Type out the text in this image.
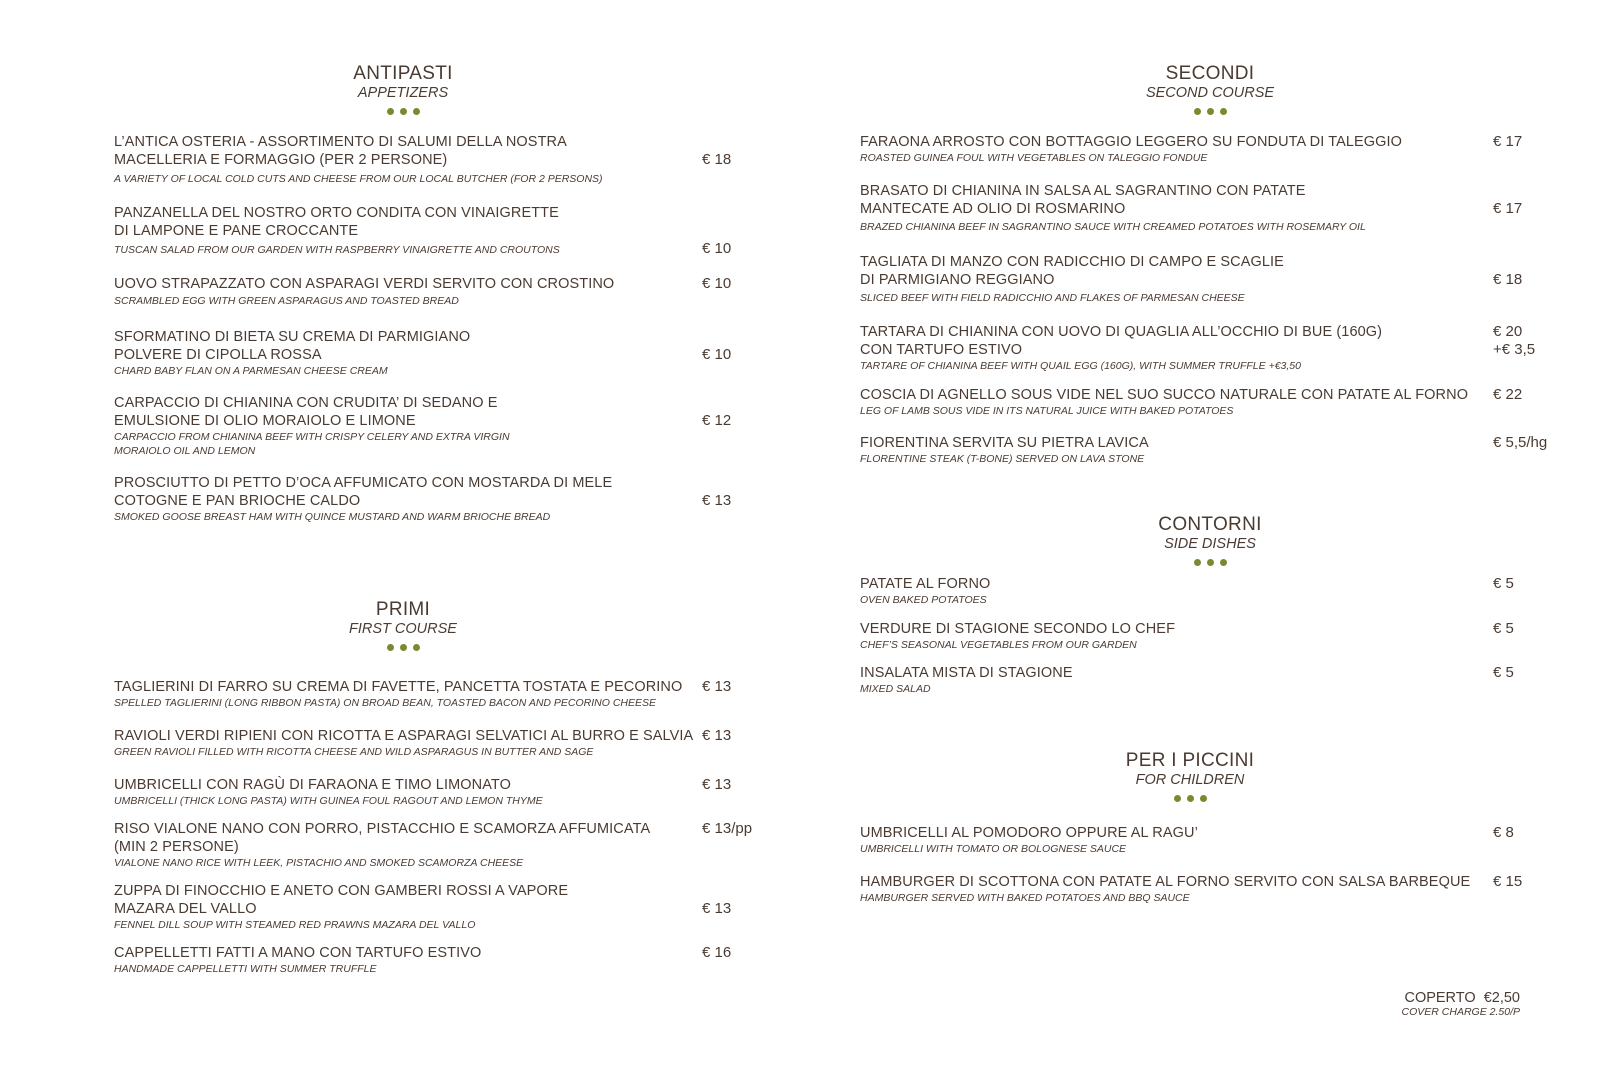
ANTIPASTI
APPETIZERS
L’ANTICA OSTERIA - ASSORTIMENTO DI SALUMI DELLA NOSTRA
MACELLERIA E FORMAGGIO (PER 2 PERSONE)
A VARIETY OF LOCAL COLD CUTS AND CHEESE FROM OUR LOCAL BUTCHER (FOR 2 PERSONS)
€ 18
PANZANELLA DEL NOSTRO ORTO CONDITA CON VINAIGRETTE
DI LAMPONE E PANE CROCCANTE
TUSCAN SALAD FROM OUR GARDEN WITH RASPBERRY VINAIGRETTE AND CROUTONS	€ 10
UOVO STRAPAZZATO CON ASPARAGI VERDI SERVITO CON CROSTINO
SCRAMBLED EGG WITH GREEN ASPARAGUS AND TOASTED BREAD
€ 10
SFORMATINO DI BIETA SU CREMA DI PARMIGIANO
POLVERE DI CIPOLLA ROSSA
CHARD BABY FLAN ON A PARMESAN CHEESE CREAM
€ 10
CARPACCIO DI CHIANINA CON CRUDITA’ DI SEDANO E
EMULSIONE DI OLIO MORAIOLO E LIMONE
CARPACCIO FROM CHIANINA BEEF WITH CRISPY CELERY AND EXTRA VIRGIN
MORAIOLO OIL AND LEMON
€ 12
PROSCIUTTO DI PETTO D’OCA AFFUMICATO CON MOSTARDA DI MELE
COTOGNE E PAN BRIOCHE CALDO
SMOKED GOOSE BREAST HAM WITH QUINCE MUSTARD AND WARM BRIOCHE BREAD
€ 13
PRIMI
FIRST COURSE
TAGLIERINI DI FARRO SU CREMA DI FAVETTE, PANCETTA TOSTATA E PECORINO
SPELLED TAGLIERINI (LONG RIBBON PASTA) ON BROAD BEAN, TOASTED BACON AND PECORINO CHEESE
€ 13
RAVIOLI VERDI RIPIENI CON RICOTTA E ASPARAGI SELVATICI AL BURRO E SALVIA
GREEN RAVIOLI FILLED WITH RICOTTA CHEESE AND WILD ASPARAGUS IN BUTTER AND SAGE
€ 13
UMBRICELLI CON RAGÙ DI FARAONA E TIMO LIMONATO
UMBRICELLI (THICK LONG PASTA) WITH GUINEA FOUL RAGOUT AND LEMON THYME
€ 13
RISO VIALONE NANO CON PORRO, PISTACCHIO E SCAMORZA AFFUMICATA
(MIN 2 PERSONE)
VIALONE NANO RICE WITH LEEK, PISTACHIO AND SMOKED SCAMORZA CHEESE
€ 13/pp
ZUPPA DI FINOCCHIO E ANETO CON GAMBERI ROSSI A VAPORE
MAZARA DEL VALLO
FENNEL DILL SOUP WITH STEAMED RED PRAWNS MAZARA DEL VALLO
€ 13
CAPPELLETTI FATTI A MANO CON TARTUFO ESTIVO
HANDMADE CAPPELLETTI WITH SUMMER TRUFFLE
€ 16
SECONDI
SECOND COURSE
FARAONA ARROSTO CON BOTTAGGIO LEGGERO SU FONDUTA DI TALEGGIO
ROASTED GUINEA FOUL WITH VEGETABLES ON TALEGGIO FONDUE
€ 17
BRASATO DI CHIANINA IN SALSA AL SAGRANTINO CON PATATE
MANTECATE AD OLIO DI ROSMARINO
BRAZED CHIANINA BEEF IN SAGRANTINO SAUCE WITH CREAMED POTATOES WITH ROSEMARY OIL
€ 17
TAGLIATA DI MANZO CON RADICCHIO DI CAMPO E SCAGLIE
DI PARMIGIANO REGGIANO
SLICED BEEF WITH FIELD RADICCHIO AND FLAKES OF PARMESAN CHEESE
€ 18
TARTARA DI CHIANINA CON UOVO DI QUAGLIA ALL’OCCHIO DI BUE (160G)
CON TARTUFO ESTIVO
TARTARE OF CHIANINA BEEF WITH QUAIL EGG (160G), WITH SUMMER TRUFFLE +€3,50
€ 20
+€ 3,5
COSCIA DI AGNELLO SOUS VIDE NEL SUO SUCCO NATURALE CON PATATE AL FORNO
LEG OF LAMB SOUS VIDE IN ITS NATURAL JUICE WITH BAKED POTATOES
€ 22
FIORENTINA SERVITA SU PIETRA LAVICA
FLORENTINE STEAK (T-BONE) SERVED ON LAVA STONE
€ 5,5/hg
CONTORNI
SIDE DISHES
PATATE AL FORNO
OVEN BAKED POTATOES
€ 5
VERDURE DI STAGIONE SECONDO LO CHEF
CHEF’S SEASONAL VEGETABLES FROM OUR GARDEN
€ 5
INSALATA MISTA DI STAGIONE
MIXED SALAD
€ 5
PER I PICCINI
FOR CHILDREN
UMBRICELLI AL POMODORO OPPURE AL RAGU’
UMBRICELLI WITH TOMATO OR BOLOGNESE SAUCE
€ 8
HAMBURGER DI SCOTTONA CON PATATE AL FORNO SERVITO CON SALSA BARBEQUE
HAMBURGER SERVED WITH BAKED POTATOES AND BBQ SAUCE
€ 15
COPERTO  €2,50
COVER CHARGE 2.50/P
